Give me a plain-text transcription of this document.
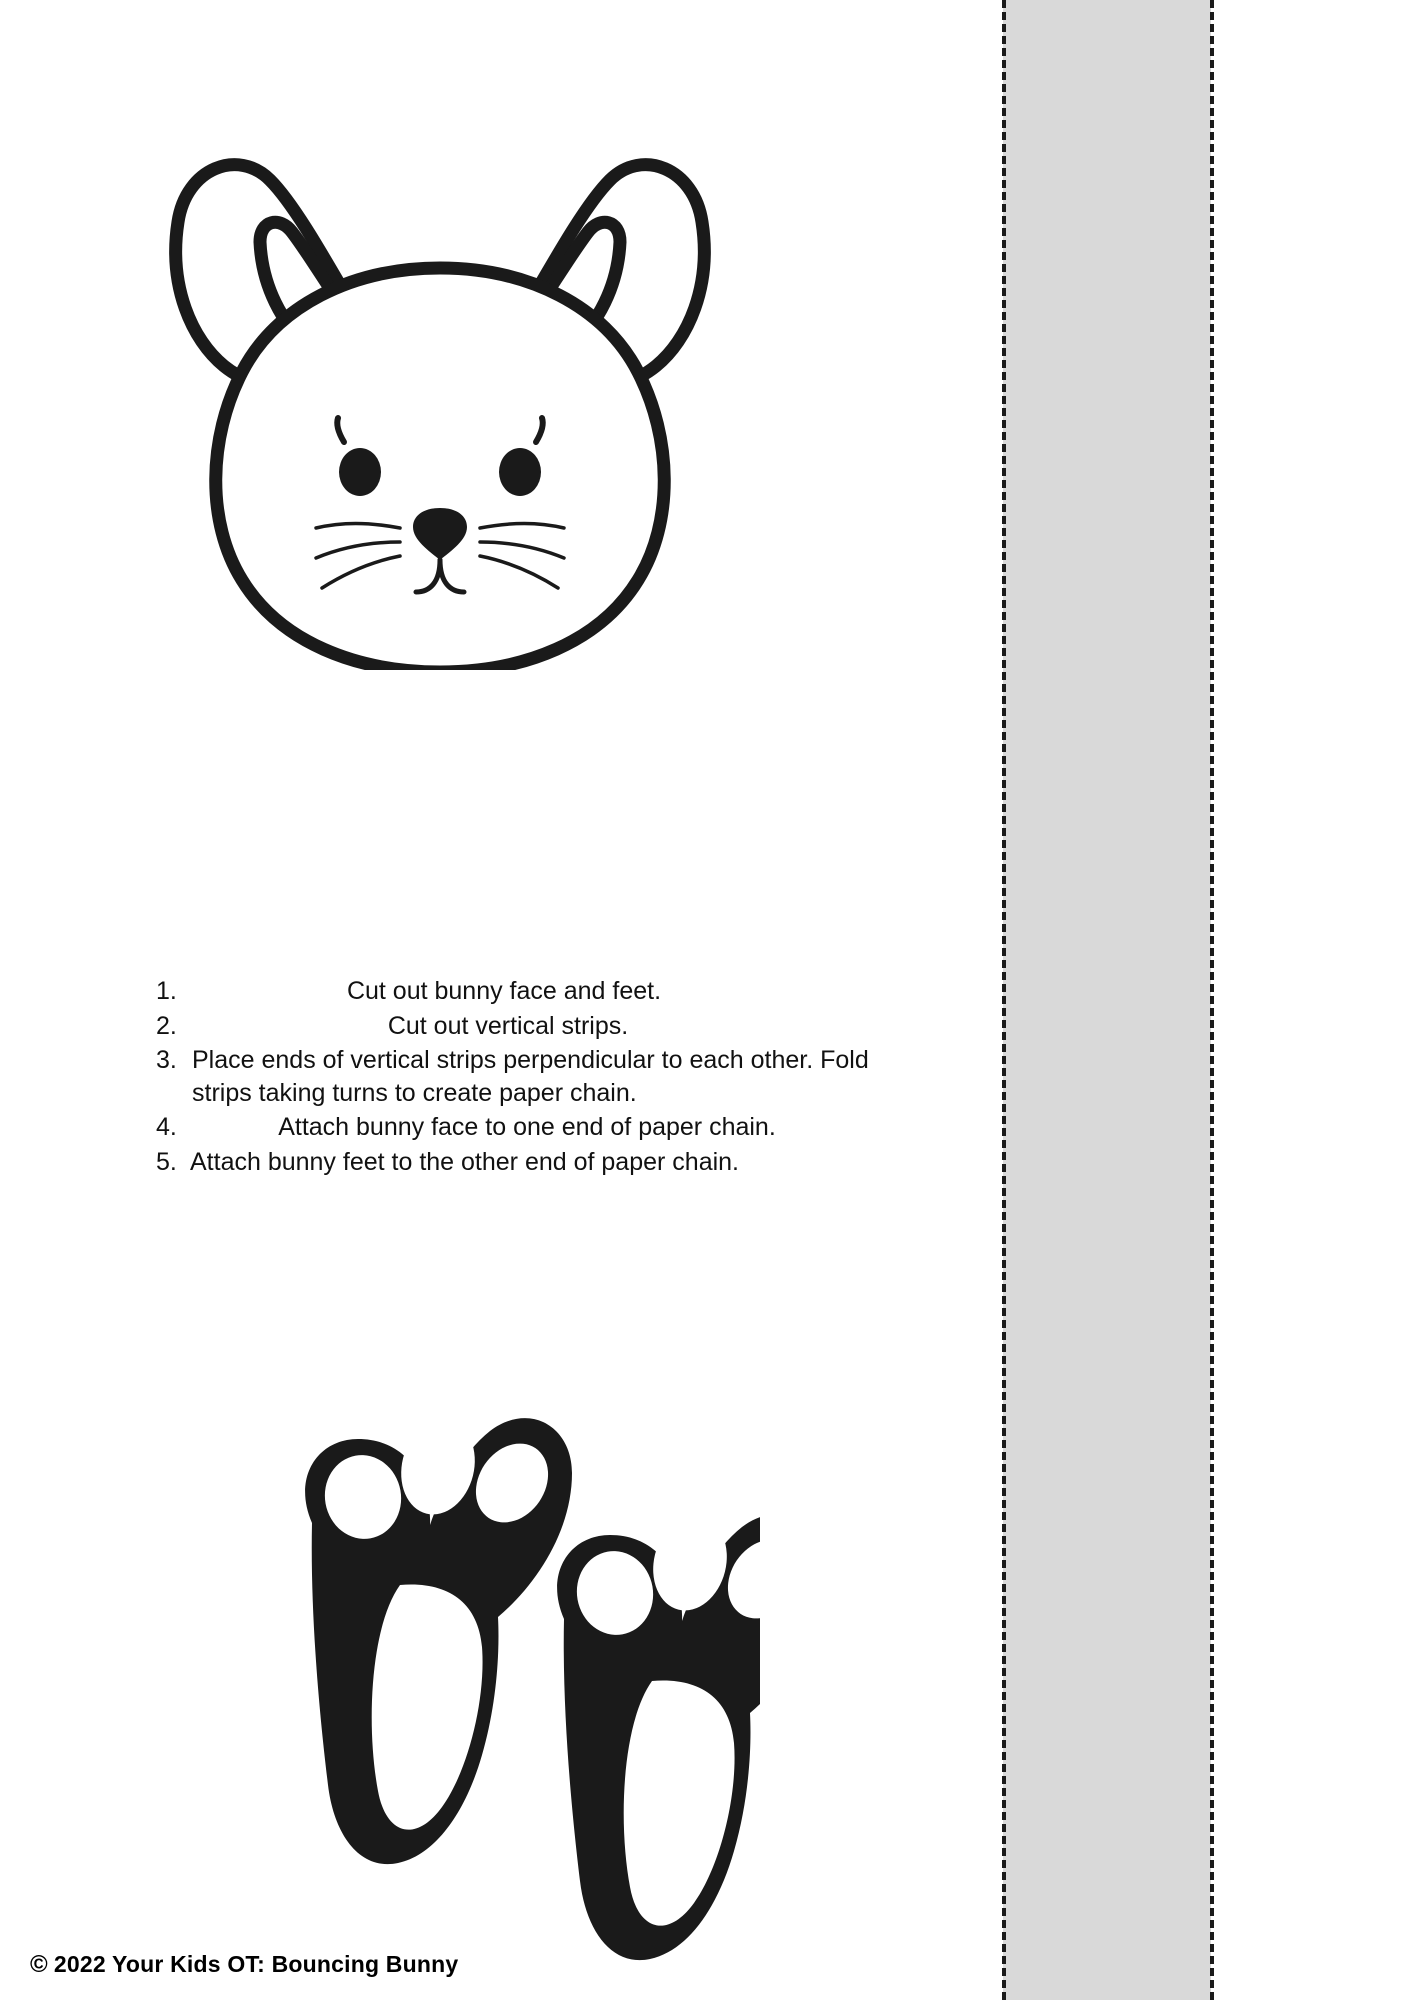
1.	Cut out bunny face and feet.
2.	Cut out vertical strips.
3. Place ends of vertical strips perpendicular to each other. Fold strips taking turns to create paper chain.
4.	Attach bunny face to one end of paper chain.
5. Attach bunny feet to the other end of paper chain.
© 2022 Your Kids OT: Bouncing Bunny
